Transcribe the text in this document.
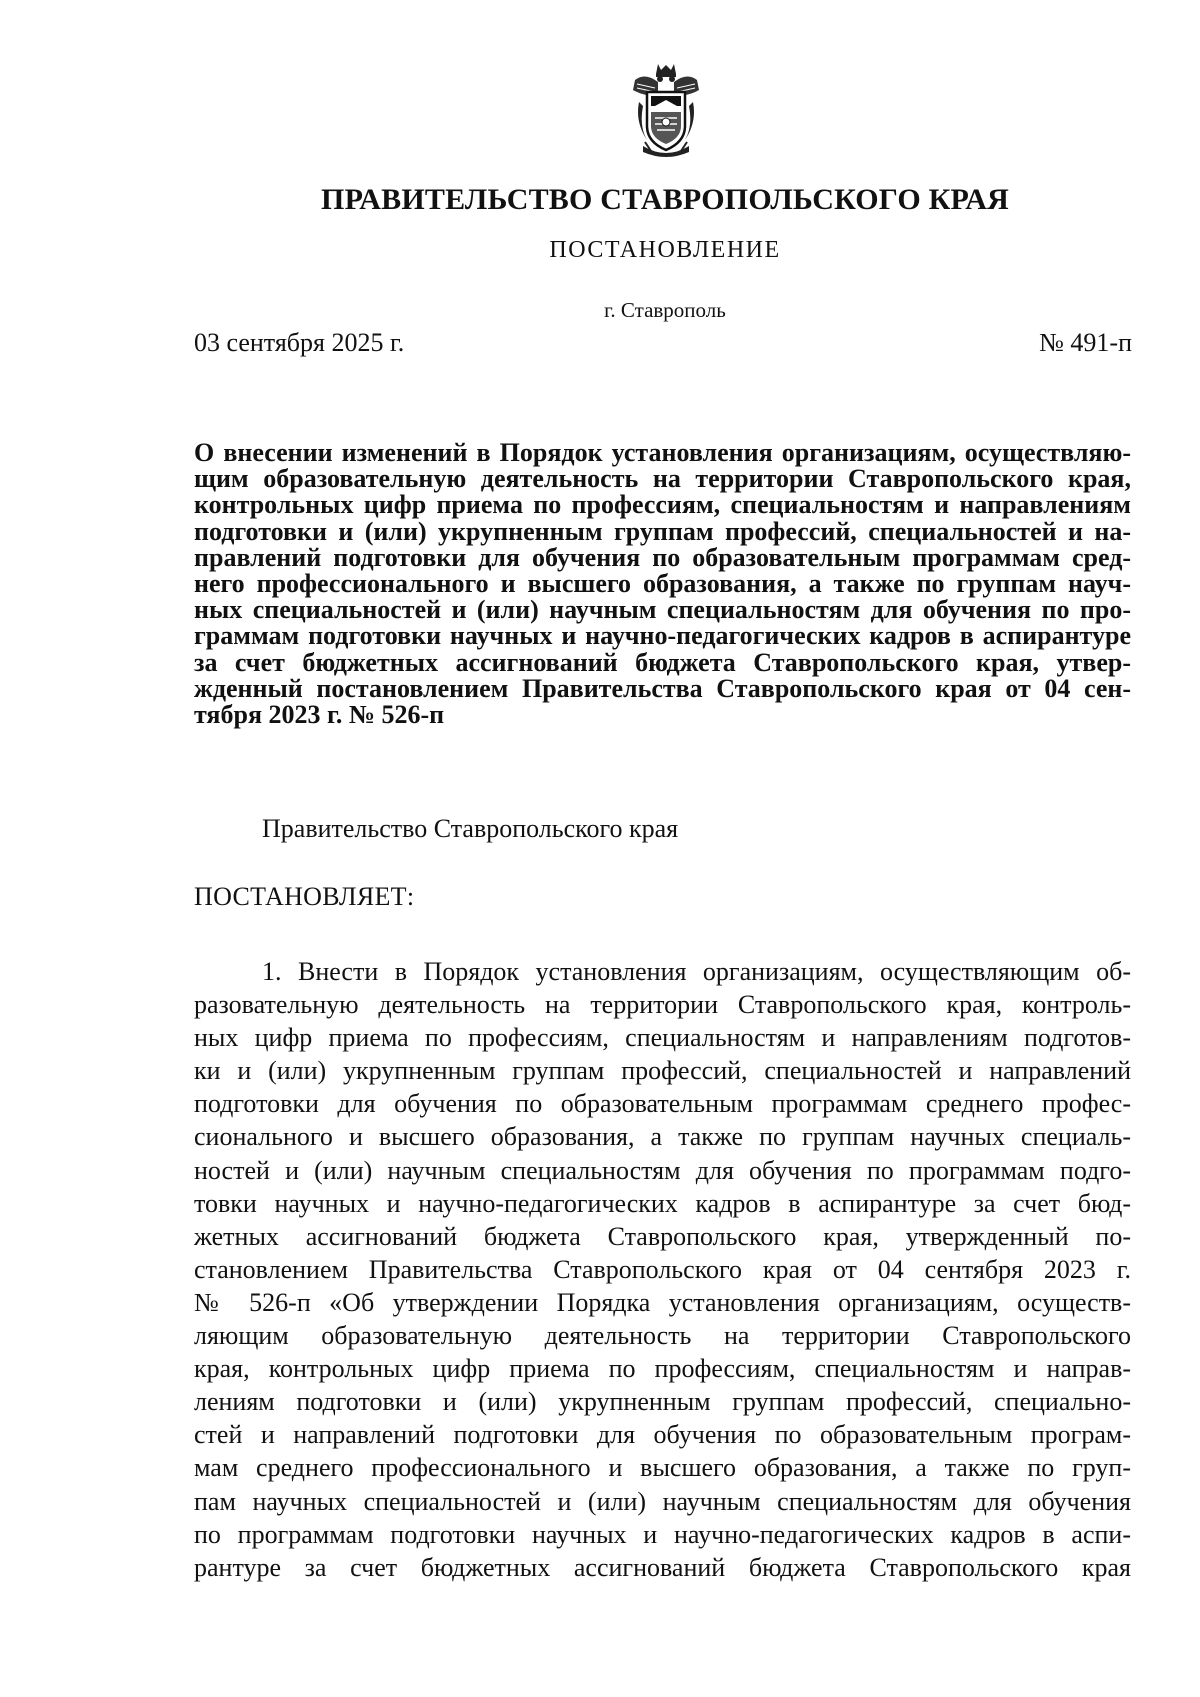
ПРАВИТЕЛЬСТВО СТАВРОПОЛЬСКОГО КРАЯ
ПОСТАНОВЛЕНИЕ
г. Ставрополь
03 сентября 2025 г.	№ 491-п
О внесении изменений в Порядок установления организациям, осуществляю-
щим образовательную деятельность на территории Ставропольского края,
контрольных цифр приема по профессиям, специальностям и направлениям
подготовки и (или) укрупненным группам профессий, специальностей и на-
правлений подготовки для обучения по образовательным программам сред-
него профессионального и высшего образования, а также по группам науч-
ных специальностей и (или) научным специальностям для обучения по про-
граммам подготовки научных и научно-педагогических кадров в аспирантуре
за счет бюджетных ассигнований бюджета Ставропольского края, утвер-
жденный постановлением Правительства Ставропольского края от 04 сен-
тября 2023 г. № 526-п
Правительство Ставропольского края
ПОСТАНОВЛЯЕТ:
1. Внести в Порядок установления организациям, осуществляющим об-
разовательную деятельность на территории Ставропольского края, контроль-
ных цифр приема по профессиям, специальностям и направлениям подготов-
ки и (или) укрупненным группам профессий, специальностей и направлений
подготовки для обучения по образовательным программам среднего профес-
сионального и высшего образования, а также по группам научных специаль-
ностей и (или) научным специальностям для обучения по программам подго-
товки научных и научно-педагогических кадров в аспирантуре за счет бюд-
жетных ассигнований бюджета Ставропольского края, утвержденный по-
становлением Правительства Ставропольского края от 04 сентября 2023 г.
№ 526-п «Об утверждении Порядка установления организациям, осуществ-
ляющим образовательную деятельность на территории Ставропольского
края, контрольных цифр приема по профессиям, специальностям и направ-
лениям подготовки и (или) укрупненным группам профессий, специально-
стей и направлений подготовки для обучения по образовательным програм-
мам среднего профессионального и высшего образования, а также по груп-
пам научных специальностей и (или) научным специальностям для обучения
по программам подготовки научных и научно-педагогических кадров в аспи-
рантуре за счет бюджетных ассигнований бюджета Ставропольского края
